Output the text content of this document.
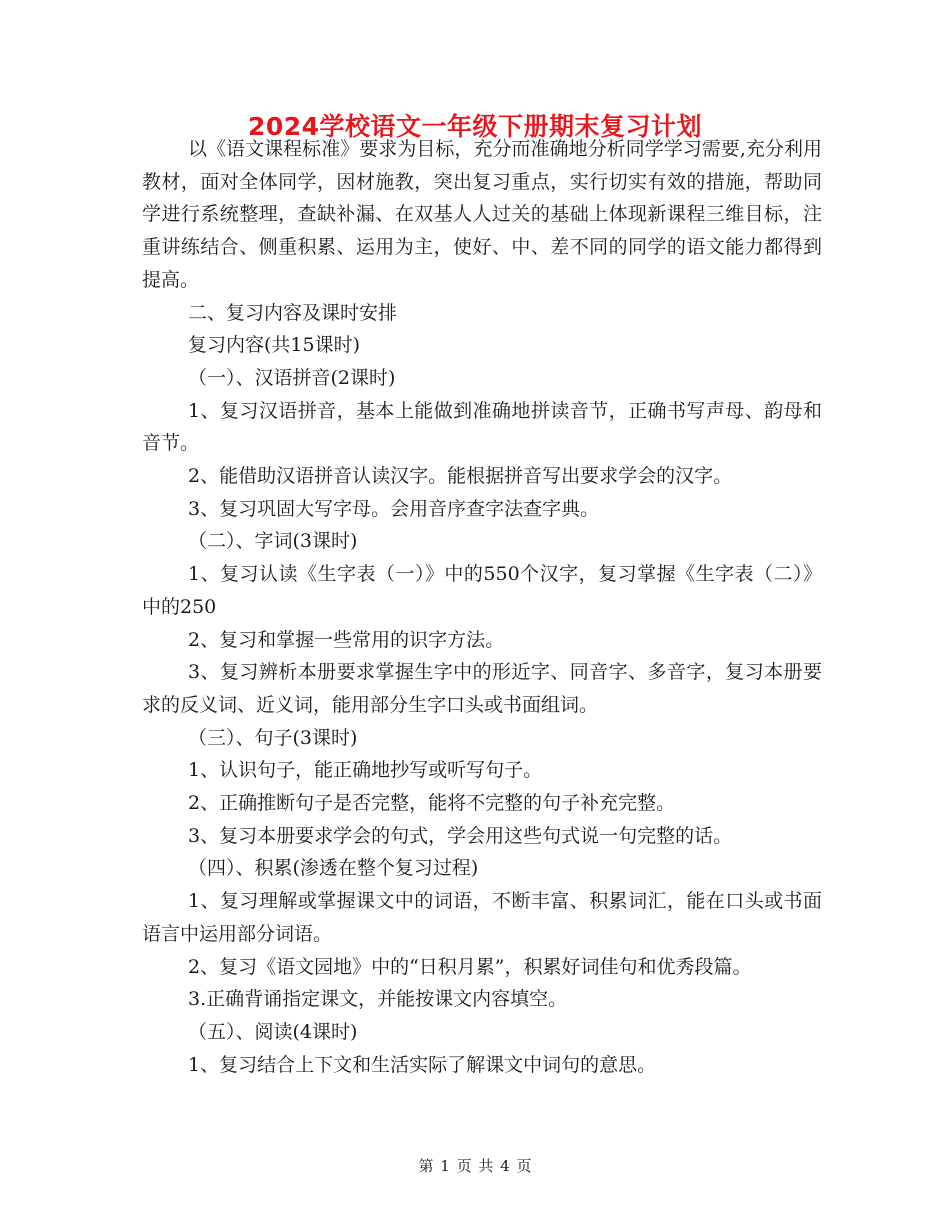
2024学校语文一年级下册期末复习计划

以《语文课程标准》要求为目标，充分而准确地分析同学学习需要,充分利用教材，面对全体同学，因材施教，突出复习重点，实行切实有效的措施，帮助同学进行系统整理，查缺补漏、在双基人人过关的基础上体现新课程三维目标，注重讲练结合、侧重积累、运用为主，使好、中、差不同的同学的语文能力都得到提高。

二、复习内容及课时安排

复习内容(共15课时)

（一）、汉语拼音(2课时)

1、复习汉语拼音，基本上能做到准确地拼读音节，正确书写声母、韵母和音节。

2、能借助汉语拼音认读汉字。能根据拼音写出要求学会的汉字。

3、复习巩固大写字母。会用音序查字法查字典。

（二）、字词(3课时)

1、复习认读《生字表（一）》中的550个汉字，复习掌握《生字表（二）》中的250

2、复习和掌握一些常用的识字方法。

3、复习辨析本册要求掌握生字中的形近字、同音字、多音字，复习本册要求的反义词、近义词，能用部分生字口头或书面组词。

（三）、句子(3课时)

1、认识句子，能正确地抄写或听写句子。

2、正确推断句子是否完整，能将不完整的句子补充完整。

3、复习本册要求学会的句式，学会用这些句式说一句完整的话。

（四）、积累(渗透在整个复习过程)

1、复习理解或掌握课文中的词语，不断丰富、积累词汇，能在口头或书面语言中运用部分词语。

2、复习《语文园地》中的“日积月累”，积累好词佳句和优秀段篇。

3.正确背诵指定课文，并能按课文内容填空。

（五）、阅读(4课时)

1、复习结合上下文和生活实际了解课文中词句的意思。

第 1 页 共 4 页
